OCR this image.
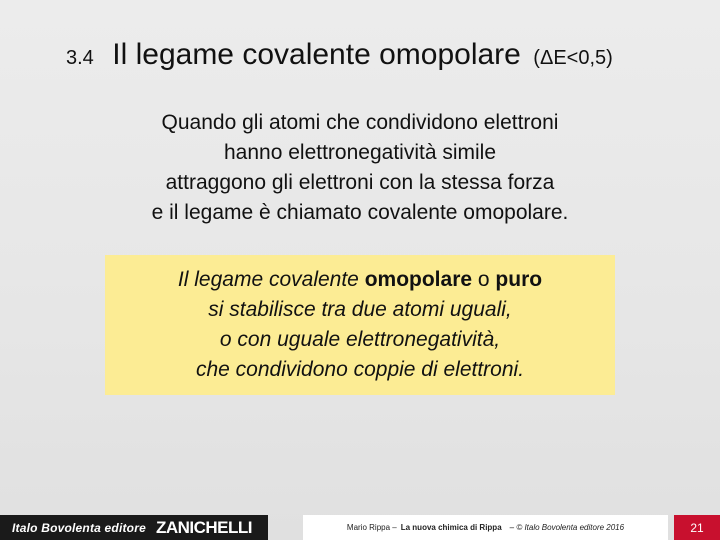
3.4 Il legame covalente omopolare (ΔE<0,5)
Quando gli atomi che condividono elettroni
hanno elettronegatività simile
attraggono gli elettroni con la stessa forza
e il legame è chiamato covalente omopolare.
Il legame covalente omopolare o puro
si stabilisce tra due atomi uguali,
o con uguale elettronegatività,
che condividono coppie di elettroni.
Italo Bovolenta editore ZANICHELLI	Mario Rippa – La nuova chimica di Rippa – © Italo Bovolenta editore 2016	21
